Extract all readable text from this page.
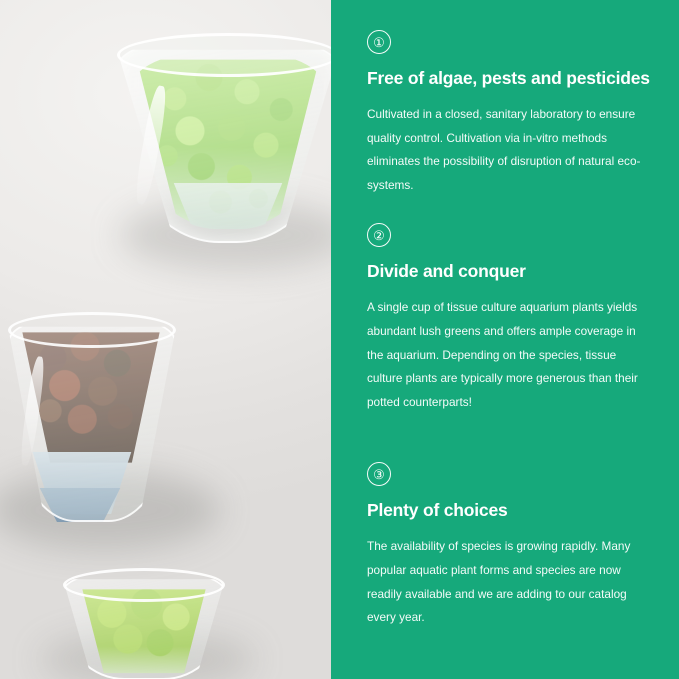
①
Free of algae, pests and pesticides
Cultivated in a closed, sanitary laboratory to ensure quality control. Cultivation via in-vitro methods eliminates the possibility of disruption of natural eco-systems.
②
Divide and conquer
A single cup of tissue culture aquarium plants yields abundant lush greens and offers ample coverage in the aquarium. Depending on the species, tissue culture plants are typically more generous than their potted counterparts!
③
Plenty of choices
The availability of species is growing rapidly. Many popular aquatic plant forms and species are now readily available and we are adding to our catalog every year.
